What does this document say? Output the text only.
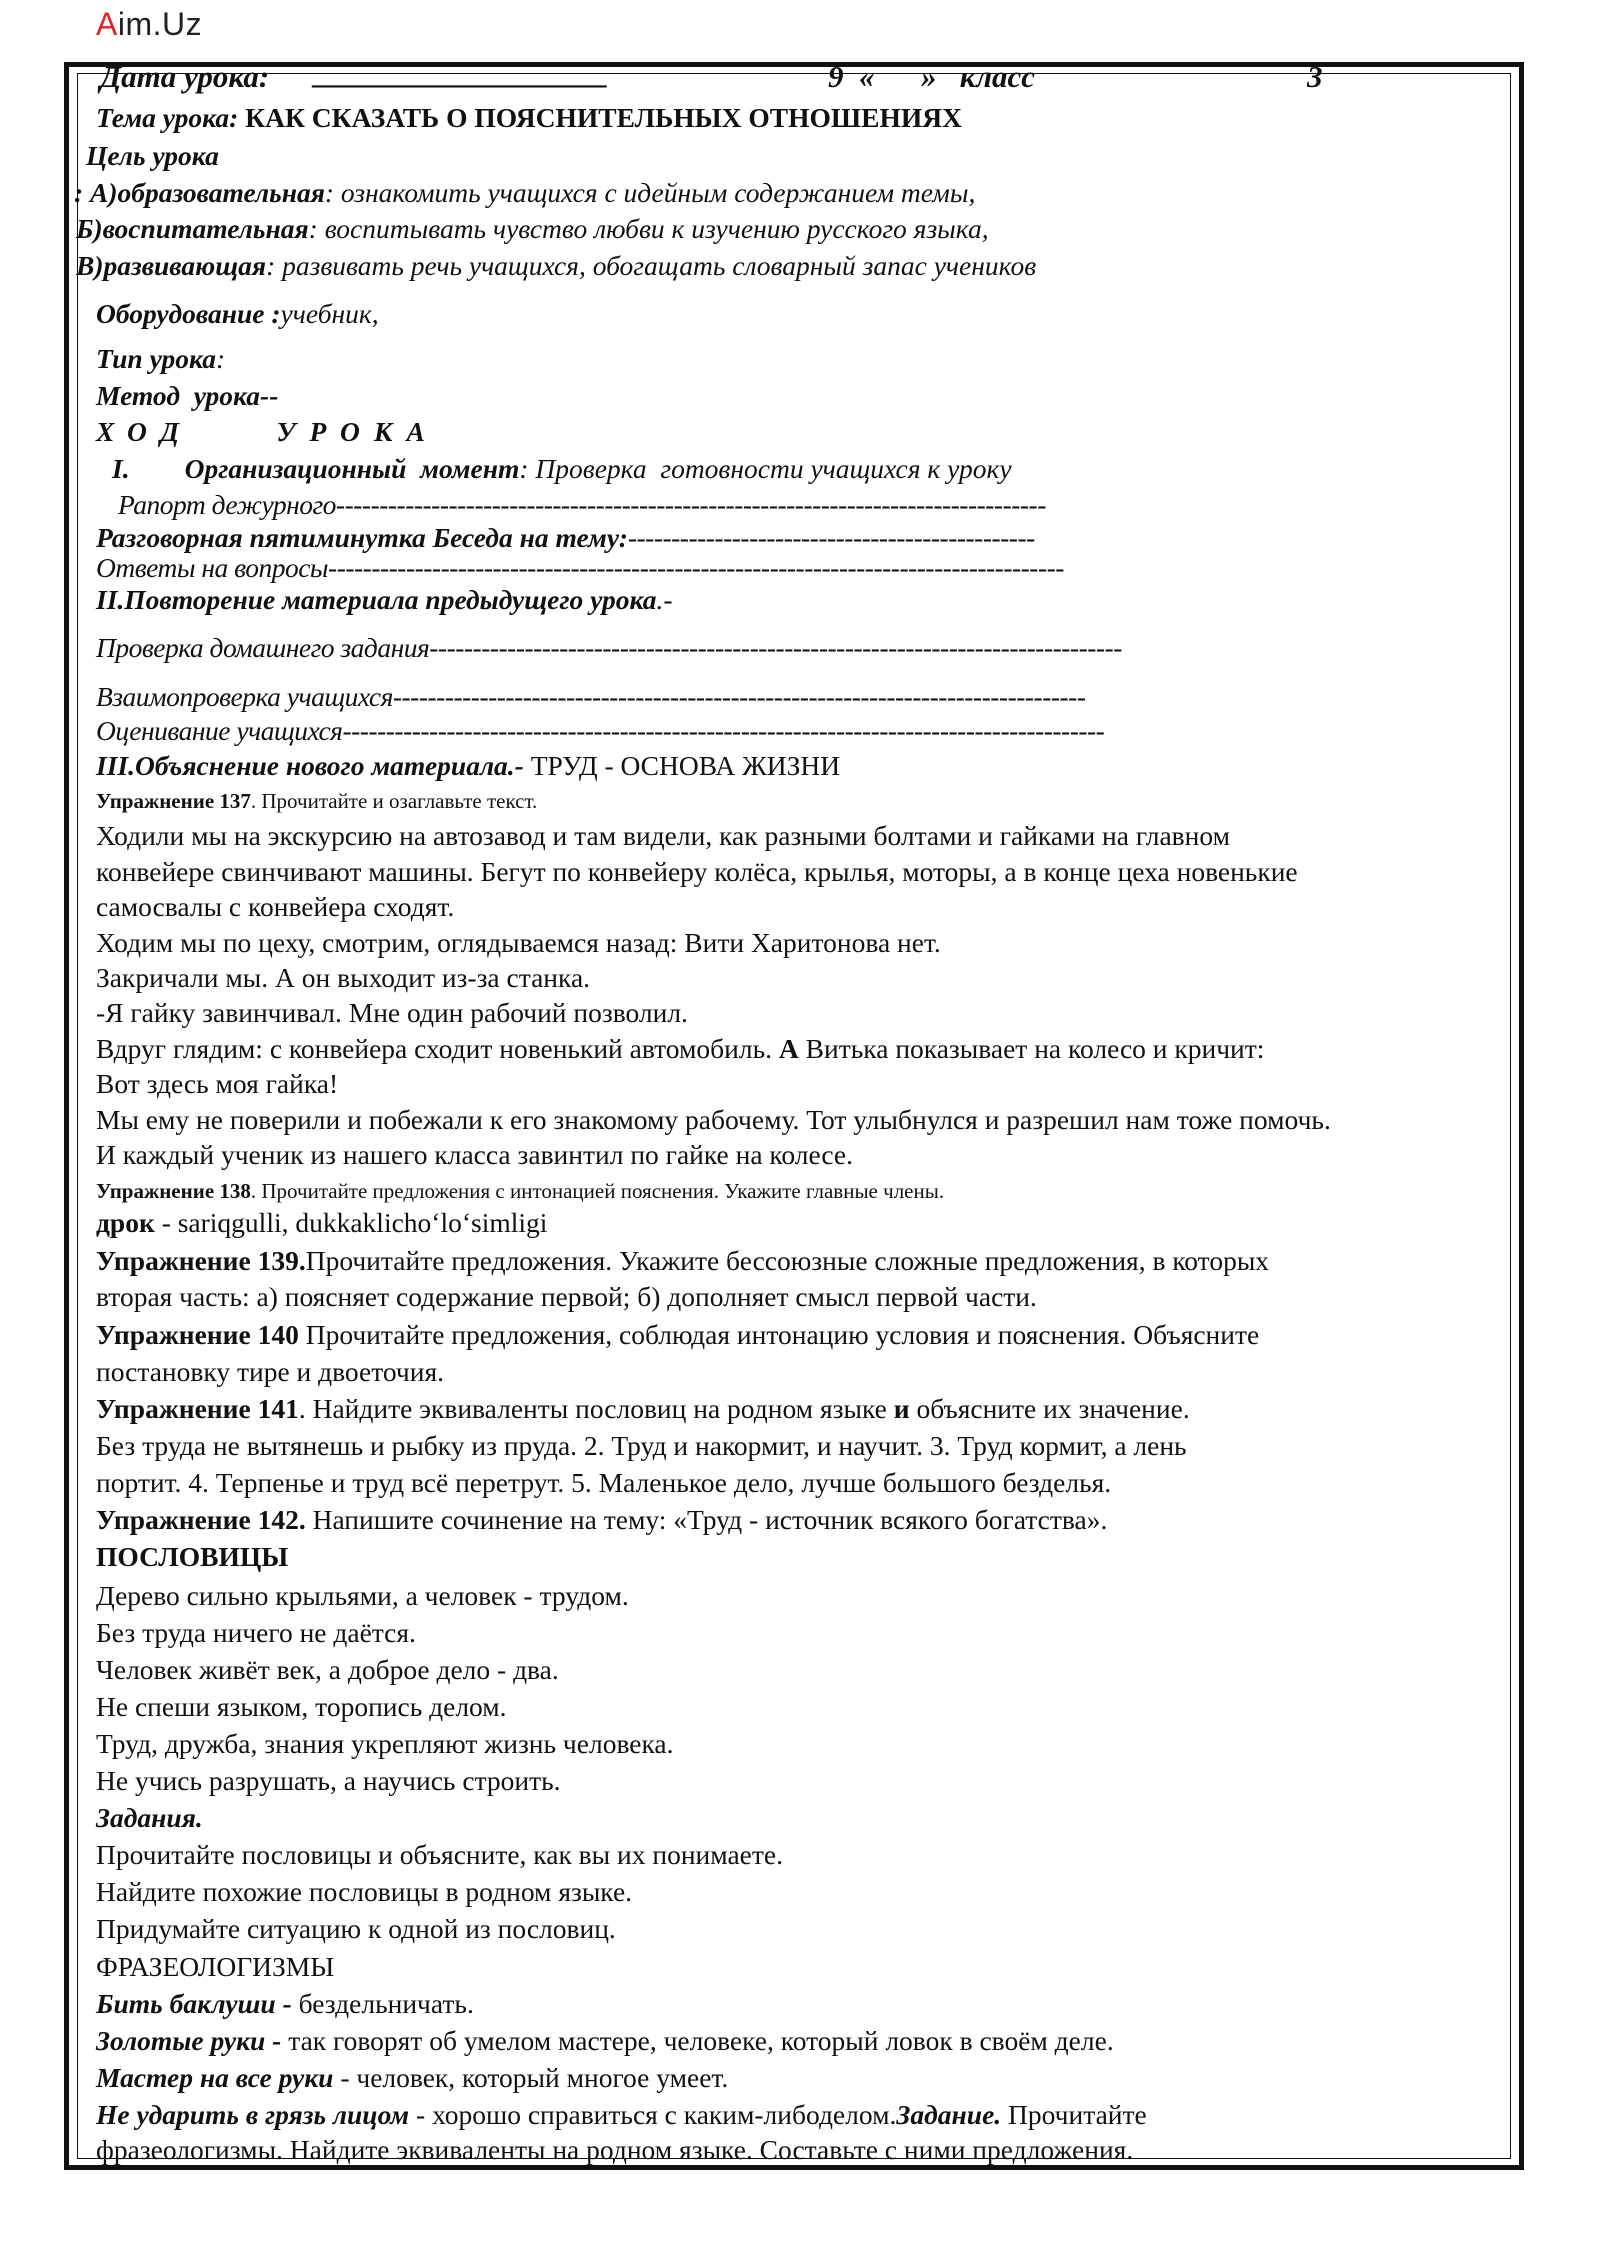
Aim.Uz
Дата урока: ___________________	9  «      »   класс	3
Тема урока: КАК СКАЗАТЬ О ПОЯСНИТЕЛЬНЫХ ОТНОШЕНИЯХ
Цель урока
: А)образовательная: ознакомить учащихся с идейным содержанием темы,
Б)воспитательная: воспитывать чувство любви к изучению русского языка,
В)развивающая: развивать речь учащихся, обогащать словарный запас учеников
Оборудование :учебник,
Тип урока:
Метод  урока--
ХОД    УРОКА
I. Организационный  момент: Проверка  готовности учащихся к уроку
Рапорт дежурного----------------------------------------------------------------------------------
Разговорная пятиминутка Беседа на тему:-----------------------------------------------
Ответы на вопросы-------------------------------------------------------------------------------------
II.Повторение материала предыдущего урока.-
Проверка домашнего задания--------------------------------------------------------------------------------
Взаимопроверка учащихся--------------------------------------------------------------------------------
Оценивание учащихся----------------------------------------------------------------------------------------
III.Объяснение нового материала.- ТРУД - ОСНОВА ЖИЗНИ
Упражнение 137. Прочитайте и озаглавьте текст.
Ходили мы на экскурсию на автозавод и там видели, как разными болтами и гайками на главном
конвейере свинчивают машины. Бегут по конвейеру колёса, крылья, моторы, а в конце цеха новенькие
самосвалы с конвейера сходят.
Ходим мы по цеху, смотрим, оглядываемся назад: Вити Харитонова нет.
Закричали мы. А он выходит из-за станка.
-Я гайку завинчивал. Мне один рабочий позволил.
Вдруг глядим: с конвейера сходит новенький автомобиль. А Витька показывает на колесо и кричит:
Вот здесь моя гайка!
Мы ему не поверили и побежали к его знакомому рабочему. Тот улыбнулся и разрешил нам тоже помочь.
И каждый ученик из нашего класса завинтил по гайке на колесе.
Упражнение 138. Прочитайте предложения с интонацией пояснения. Укажите главные члены.
дрок - sariqgulli, dukkaklicho‘lo‘simligi
Упражнение 139.Прочитайте предложения. Укажите бессоюзные сложные предложения, в которых
вторая часть: а) поясняет содержание первой; б) дополняет смысл первой части.
Упражнение 140 Прочитайте предложения, соблюдая интонацию условия и пояснения. Объясните
постановку тире и двоеточия.
Упражнение 141. Найдите эквиваленты пословиц на родном языке и объясните их значение.
Без труда не вытянешь и рыбку из пруда. 2. Труд и накормит, и научит. 3. Труд кормит, а лень
портит. 4. Терпенье и труд всё перетрут. 5. Маленькое дело, лучше большого безделья.
Упражнение 142. Напишите сочинение на тему: «Труд - источник всякого богатства».
ПОСЛОВИЦЫ
Дерево сильно крыльями, а человек - трудом.
Без труда ничего не даётся.
Человек живёт век, а доброе дело - два.
Не спеши языком, торопись делом.
Труд, дружба, знания укрепляют жизнь человека.
Не учись разрушать, а научись строить.
Задания.
Прочитайте пословицы и объясните, как вы их понимаете.
Найдите похожие пословицы в родном языке.
Придумайте ситуацию к одной из пословиц.
ФРАЗЕОЛОГИЗМЫ
Бить баклуши - бездельничать.
Золотые руки - так говорят об умелом мастере, человеке, который ловок в своём деле.
Мастер на все руки - человек, который многое умеет.
Не ударить в грязь лицом - хорошо справиться с каким-либоделом.Задание. Прочитайте
фразеологизмы. Найдите эквиваленты на родном языке. Составьте с ними предложения.
